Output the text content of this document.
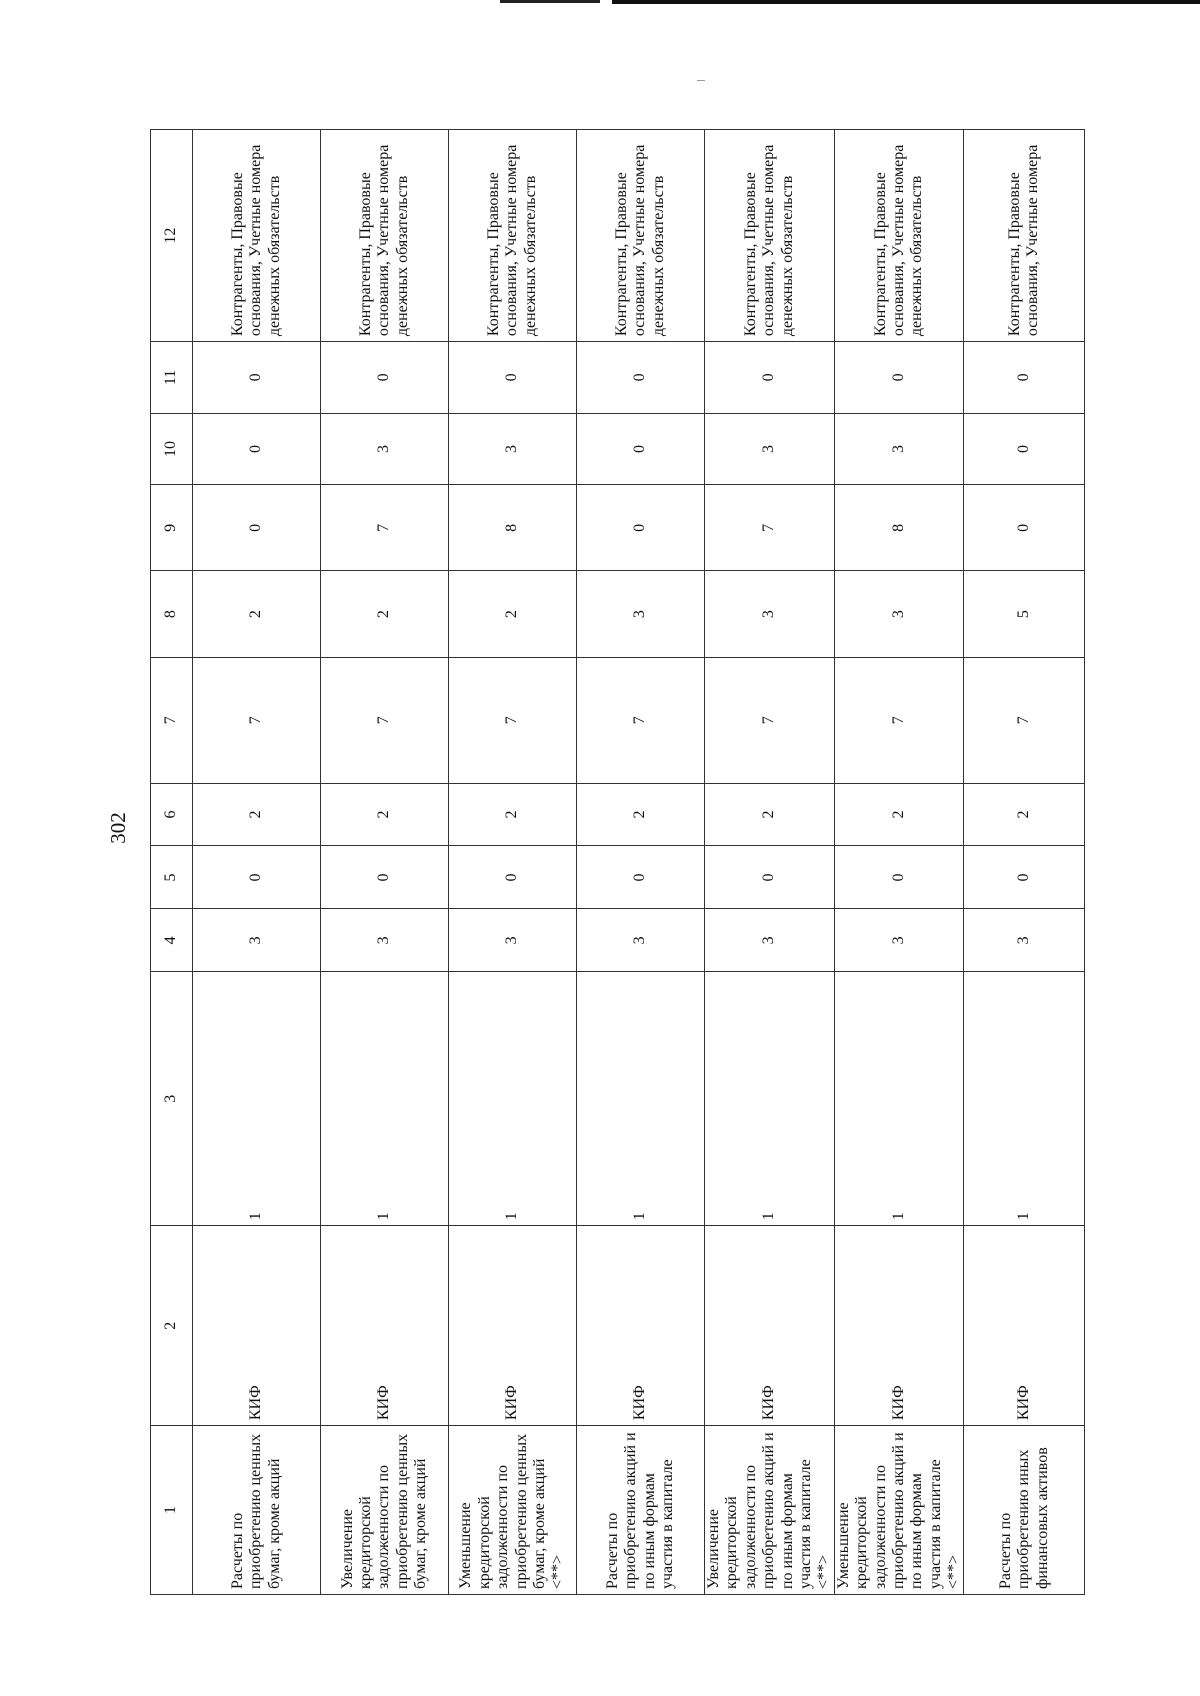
302
1	2	3	4	5	6	7	8	9	10	11	12
Расчеты по приобретению ценных бумаг, кроме акций	КИФ	1	3	0	2	7	2	0	0	0	Контрагенты, Правовые основания, Учетные номера денежных обязательств
Увеличение кредиторской задолженности по приобретению ценных бумаг, кроме акций	КИФ	1	3	0	2	7	2	7	3	0	Контрагенты, Правовые основания, Учетные номера денежных обязательств
Уменьшение кредиторской задолженности по приобретению ценных бумаг, кроме акций <**>	КИФ	1	3	0	2	7	2	8	3	0	Контрагенты, Правовые основания, Учетные номера денежных обязательств
Расчеты по приобретению акций и по иным формам участия в капитале	КИФ	1	3	0	2	7	3	0	0	0	Контрагенты, Правовые основания, Учетные номера денежных обязательств
Увеличение кредиторской задолженности по приобретению акций и по иным формам участия в капитале <**>	КИФ	1	3	0	2	7	3	7	3	0	Контрагенты, Правовые основания, Учетные номера денежных обязательств
Уменьшение кредиторской задолженности по приобретению акций и по иным формам участия в капитале <**>	КИФ	1	3	0	2	7	3	8	3	0	Контрагенты, Правовые основания, Учетные номера денежных обязательств
Расчеты по приобретению иных финансовых активов	КИФ	1	3	0	2	7	5	0	0	0	Контрагенты, Правовые основания, Учетные номера
